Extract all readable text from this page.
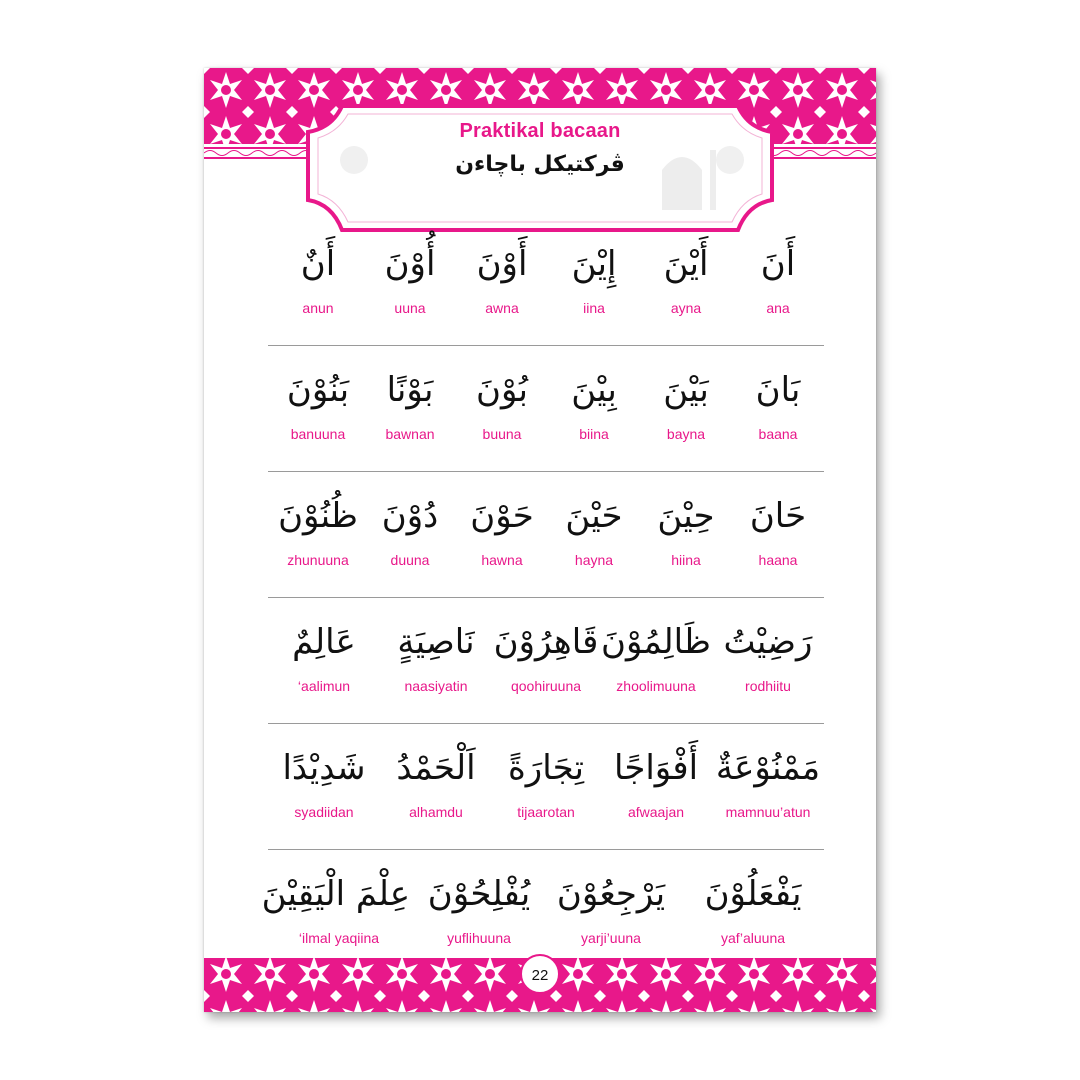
Praktikal bacaan
ڤركتيكل باچاءن
أَنَ
ana
أَيْنَ
ayna
إِيْنَ
iina
أَوْنَ
awna
أُوْنَ
uuna
أَنٌ
anun
بَانَ
baana
بَيْنَ
bayna
بِيْنَ
biina
بُوْنَ
buuna
بَوْنًا
bawnan
بَنُوْنَ
banuuna
حَانَ
haana
حِيْنَ
hiina
حَيْنَ
hayna
حَوْنَ
hawna
دُوْنَ
duuna
ظُنُوْنَ
zhunuuna
رَضِيْتُ
rodhiitu
ظَالِمُوْنَ
zhoolimuuna
قَاهِرُوْنَ
qoohiruuna
نَاصِيَةٍ
naasiyatin
عَالِمٌ
‘aalimun
مَمْنُوْعَةٌ
mamnuu’atun
أَفْوَاجًا
afwaajan
تِجَارَةً
tijaarotan
اَلْحَمْدُ
alhamdu
شَدِيْدًا
syadiidan
يَفْعَلُوْنَ
yaf’aluuna
يَرْجِعُوْنَ
yarji’uuna
يُفْلِحُوْنَ
yuflihuuna
عِلْمَ الْيَقِيْنَ
‘ilmal yaqiina
22
